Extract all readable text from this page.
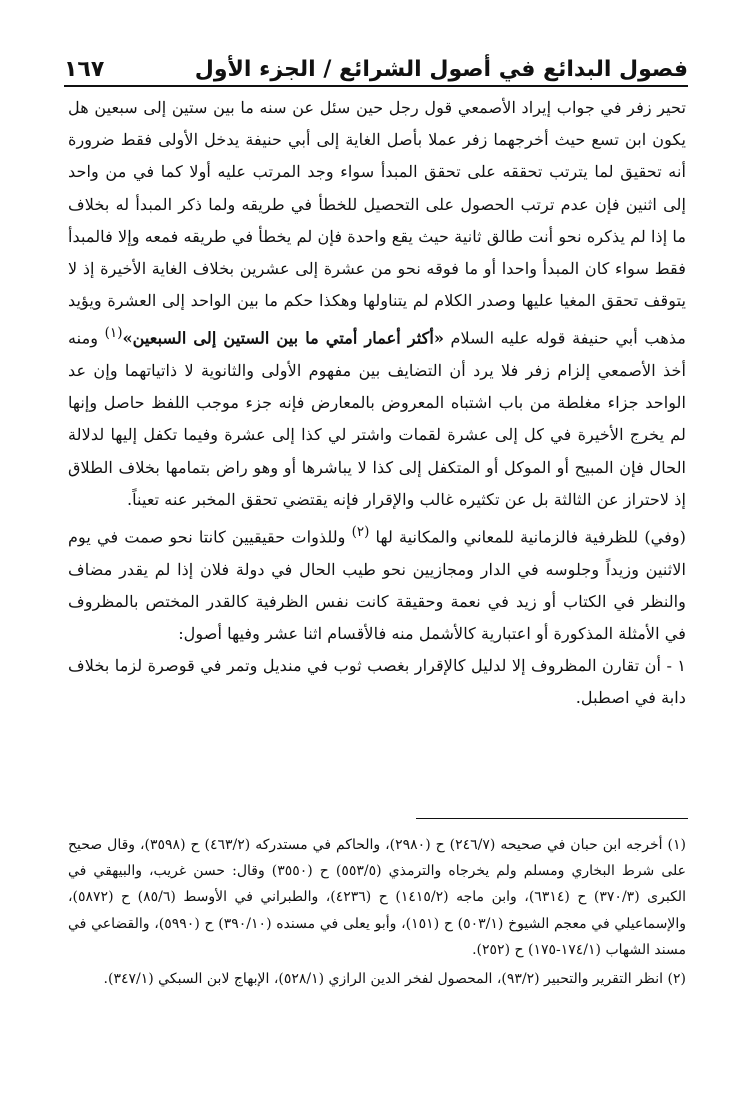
فصول البدائع في أصول الشرائع / الجزء الأول
١٦٧

تحير زفر في جواب إيراد الأصمعي قول رجل حين سئل عن سنه ما بين ستين إلى سبعين هل يكون ابن تسع حيث أخرجهما زفر عملا بأصل الغاية إلى أبي حنيفة يدخل الأولى فقط ضرورة أنه تحقيق لما يترتب تحققه على تحقق المبدأ سواء وجد المرتب عليه أولا كما في من واحد إلى اثنين فإن عدم ترتب الحصول على التحصيل للخطأ في طريقه ولما ذكر المبدأ له بخلاف ما إذا لم يذكره نحو أنت طالق ثانية حيث يقع واحدة فإن لم يخطأ في طريقه فمعه وإلا فالمبدأ فقط سواء كان المبدأ واحدا أو ما فوقه نحو من عشرة إلى عشرين بخلاف الغاية الأخيرة إذ لا يتوقف تحقق المغيا عليها وصدر الكلام لم يتناولها وهكذا حكم ما بين الواحد إلى العشرة ويؤيد مذهب أبي حنيفة قوله عليه السلام «أكثر أعمار أمتي ما بين الستين إلى السبعين»$^{(١)}$ ومنه أخذ الأصمعي إلزام زفر فلا يرد أن التضايف بين مفهوم الأولى والثانوية لا ذاتياتهما وإن عد الواحد جزاء مغلطة من باب اشتباه المعروض بالمعارض فإنه جزء موجب اللفظ حاصل وإنها لم يخرج الأخيرة في كل إلى عشرة لقمات واشتر لي كذا إلى عشرة وفيما تكفل إليها لدلالة الحال فإن المبيح أو الموكل أو المتكفل إلى كذا لا يباشرها أو وهو راض بتمامها بخلاف الطلاق إذ لاحتراز عن الثالثة بل عن تكثيره غالب والإقرار فإنه يقتضي تحقق المخبر عنه تعيناً.

(وفي) للظرفية فالزمانية للمعاني والمكانية لها $^{(٢)}$ وللذوات حقيقيين كانتا نحو صمت في يوم الاثنين وزيداً وجلوسه في الدار ومجازيين نحو طيب الحال في دولة فلان إذا لم يقدر مضاف والنظر في الكتاب أو زيد في نعمة وحقيقة كانت نفس الظرفية كالقدر المختص بالمظروف في الأمثلة المذكورة أو اعتبارية كالأشمل منه فالأقسام اثنا عشر وفيها أصول:

١ - أن تقارن المظروف إلا لدليل كالإقرار بغصب ثوب في منديل وتمر في قوصرة لزما بخلاف دابة في اصطبل.

(١) أخرجه ابن حبان في صحيحه (٢٤٦/٧) ح (٢٩٨٠)، والحاكم في مستدركه (٤٦٣/٢) ح (٣٥٩٨)، وقال صحيح على شرط البخاري ومسلم ولم يخرجاه والترمذي (٥٥٣/٥) ح (٣٥٥٠) وقال: حسن غريب، والبيهقي في الكبرى (٣٧٠/٣) ح (٦٣١٤)، وابن ماجه (١٤١٥/٢) ح (٤٢٣٦)، والطبراني في الأوسط (٨٥/٦) ح (٥٨٧٢)، والإسماعيلي في معجم الشيوخ (٥٠٣/١) ح (١٥١)، وأبو يعلى في مسنده (٣٩٠/١٠) ح (٥٩٩٠)، والقضاعي في مسند الشهاب (١٧٤/١-١٧٥) ح (٢٥٢).

(٢) انظر التقرير والتحبير (٩٣/٢)، المحصول لفخر الدين الرازي (٥٢٨/١)، الإبهاج لابن السبكي (٣٤٧/١).
